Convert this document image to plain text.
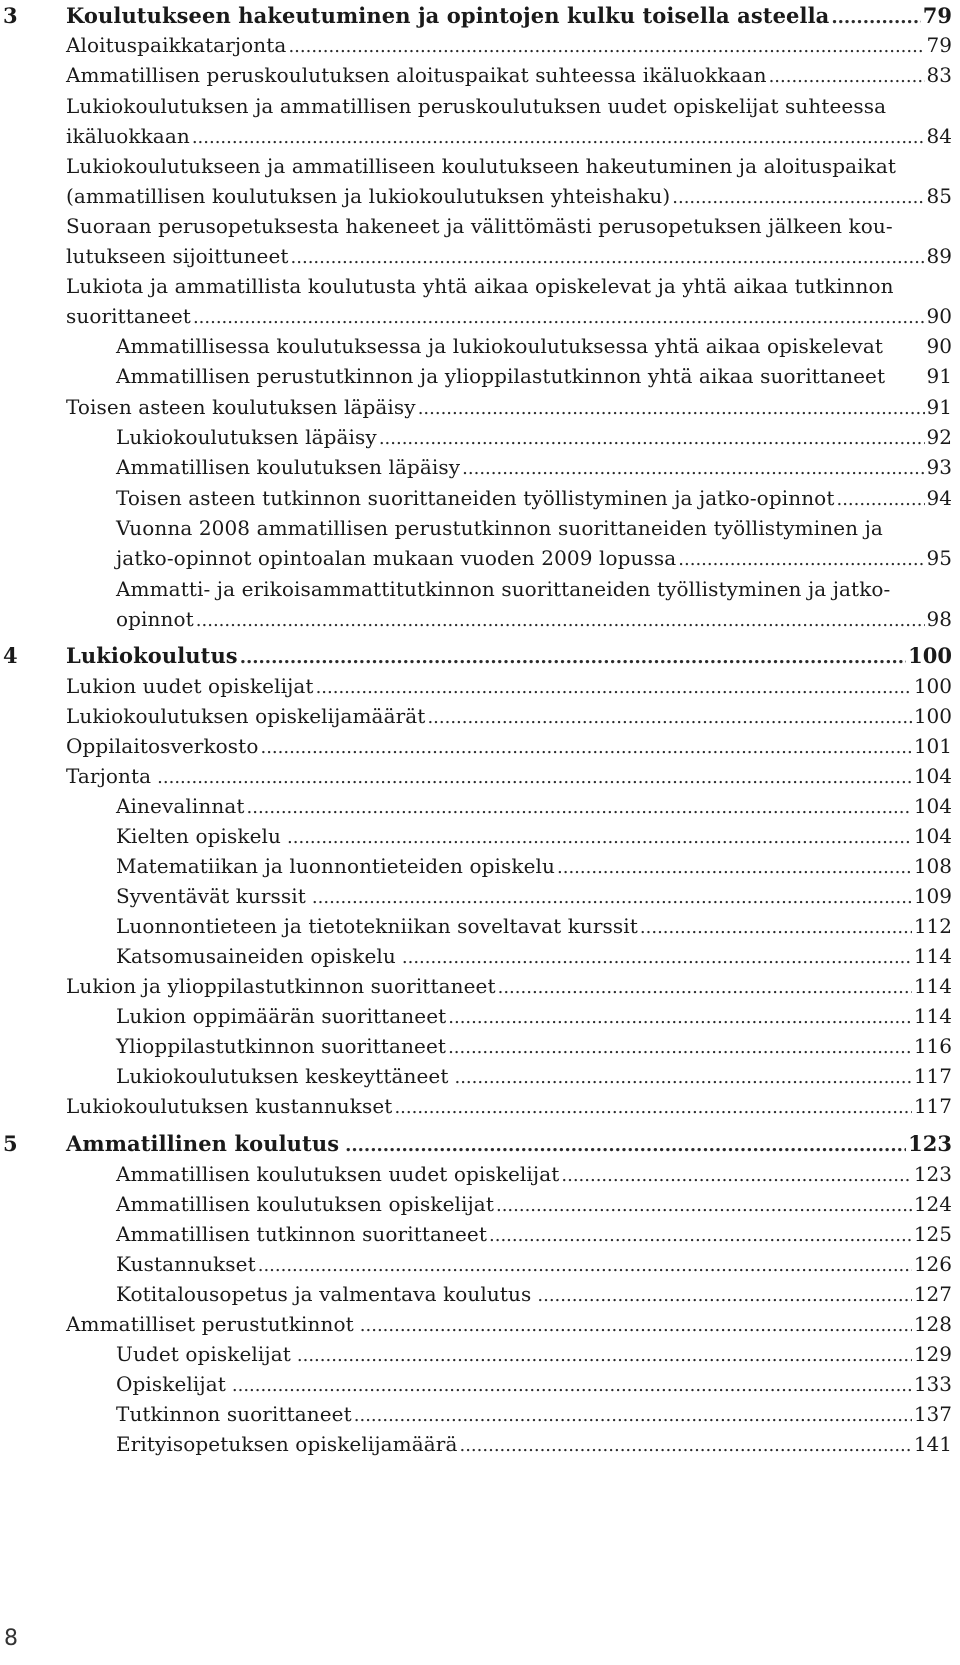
3 Koulutukseen hakeutuminen ja opintojen kulku toisella asteella .....	79
Aloituspaikkatarjonta .....	79
Ammatillisen peruskoulutuksen aloituspaikat suhteessa ikäluokkaan .....	83
Lukiokoulutuksen ja ammatillisen peruskoulutuksen uudet opiskelijat suhteessa
ikäluokkaan .....	84
Lukiokoulutukseen ja ammatilliseen koulutukseen hakeutuminen ja aloituspaikat
(ammatillisen koulutuksen ja lukiokoulutuksen yhteishaku) .....	85
Suoraan perusopetuksesta hakeneet ja välittömästi perusopetuksen jälkeen kou-
lutukseen sijoittuneet .....	89
Lukiota ja ammatillista koulutusta yhtä aikaa opiskelevat ja yhtä aikaa tutkinnon
suorittaneet .....	90
Ammatillisessa koulutuksessa ja lukiokoulutuksessa yhtä aikaa opiskelevat 90
Ammatillisen perustutkinnon ja ylioppilastutkinnon yhtä aikaa suorittaneet 91
Toisen asteen koulutuksen läpäisy .....	91
Lukiokoulutuksen läpäisy .....	92
Ammatillisen koulutuksen läpäisy .....	93
Toisen asteen tutkinnon suorittaneiden työllistyminen ja jatko-opinnot .....	94
Vuonna 2008 ammatillisen perustutkinnon suorittaneiden työllistyminen ja
jatko-opinnot opintoalan mukaan vuoden 2009 lopussa .....	95
Ammatti- ja erikoisammattitutkinnon suorittaneiden työllistyminen ja jatko-
opinnot .....	98
4 Lukiokoulutus .....	100
Lukion uudet opiskelijat .....	100
Lukiokoulutuksen opiskelijamäärät .....	100
Oppilaitosverkosto .....	101
Tarjonta .....	104
Ainevalinnat .....	104
Kielten opiskelu .....	104
Matematiikan ja luonnontieteiden opiskelu .....	108
Syventävät kurssit .....	109
Luonnontieteen ja tietotekniikan soveltavat kurssit .....	112
Katsomusaineiden opiskelu .....	114
Lukion ja ylioppilastutkinnon suorittaneet .....	114
Lukion oppimäärän suorittaneet .....	114
Ylioppilastutkinnon suorittaneet .....	116
Lukiokoulutuksen keskeyttäneet .....	117
Lukiokoulutuksen kustannukset .....	117
5 Ammatillinen koulutus .....	123
Ammatillisen koulutuksen uudet opiskelijat .....	123
Ammatillisen koulutuksen opiskelijat .....	124
Ammatillisen tutkinnon suorittaneet .....	125
Kustannukset .....	126
Kotitalousopetus ja valmentava koulutus .....	127
Ammatilliset perustutkinnot .....	128
Uudet opiskelijat .....	129
Opiskelijat .....	133
Tutkinnon suorittaneet .....	137
Erityisopetuksen opiskelijamäärä .....	141
8
